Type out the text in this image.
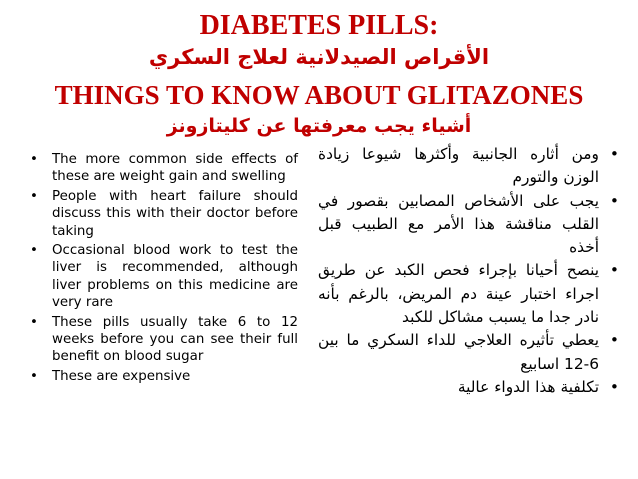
DIABETES PILLS:
الأقراص الصيدلانية لعلاج السكري
THINGS TO KNOW ABOUT GLITAZONES
أشياء يجب معرفتها عن كليتازونز
• The more common side effects of these are weight gain and swelling
• People with heart failure should discuss this with their doctor before taking
• Occasional blood work to test the liver is recommended, although liver problems on this medicine are very rare
• These pills usually take 6 to 12 weeks before you can see their full benefit on blood sugar
• These are expensive
• ومن أثاره الجانبية وأكثرها شيوعا زيادة الوزن والتورم
• يجب على الأشخاص المصابين بقصور في القلب مناقشة هذا الأمر مع الطبيب قبل أخذه
• ينصح أحيانا بإجراء فحص الكبد عن طريق اجراء اختبار عينة دم المريض، بالرغم بأنه نادر جدا ما يسبب مشاكل للكبد
• يعطي تأثيره العلاجي للداء السكري ما بين 6-12 اسابيع
• تكلفية هذا الدواء عالية
